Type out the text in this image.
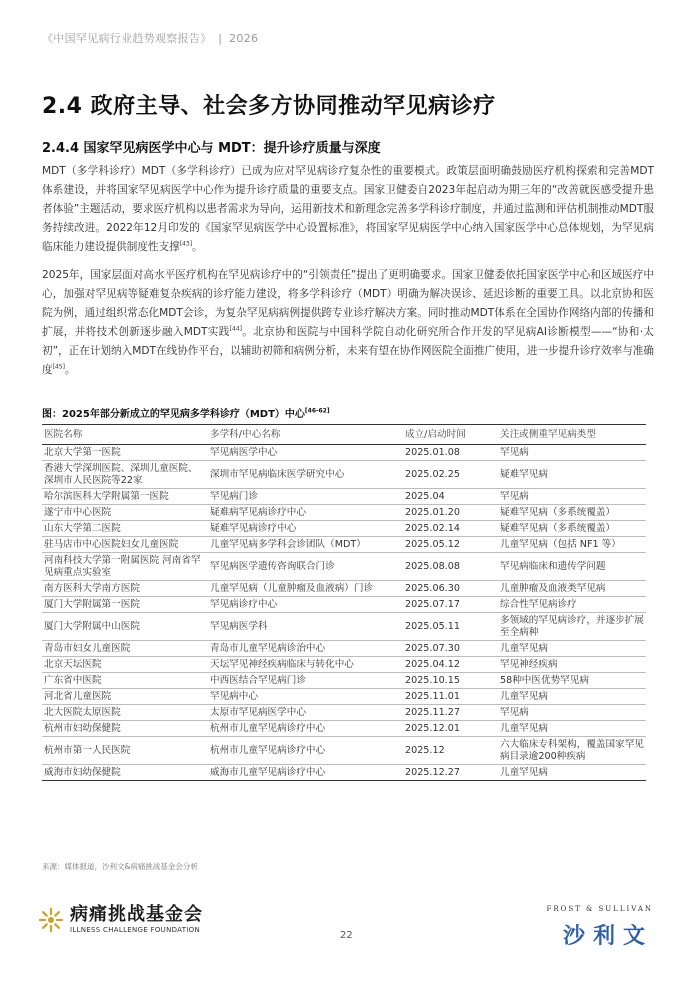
《中国罕见病行业趋势观察报告》 | 2026
2.4 政府主导、社会多方协同推动罕见病诊疗
2.4.4 国家罕见病医学中心与 MDT：提升诊疗质量与深度

MDT（多学科诊疗）MDT（多学科诊疗）已成为应对罕见病诊疗复杂性的重要模式。政策层面明确鼓励医疗机构探索和完善MDT 体系建设，并将国家罕见病医学中心作为提升诊疗质量的重要支点。国家卫健委自2023年起启动为期三年的“改善就医感受提升患者体验”主题活动，要求医疗机构以患者需求为导向，运用新技术和新理念完善多学科诊疗制度，并通过监测和评估机制推动MDT服务持续改进。2022年12月印发的《国家罕见病医学中心设置标准》，将国家罕见病医学中心纳入国家医学中心总体规划，为罕见病临床能力建设提供制度性支撑[43]。

2025年，国家层面对高水平医疗机构在罕见病诊疗中的“引领责任”提出了更明确要求。国家卫健委依托国家医学中心和区域医疗中心，加强对罕见病等疑难复杂疾病的诊疗能力建设，将多学科诊疗（MDT）明确为解决误诊、延迟诊断的重要工具。以北京协和医院为例，通过组织常态化MDT会诊，为复杂罕见病病例提供跨专业诊疗解决方案。同时推动MDT体系在全国协作网络内部的传播和扩展，并将技术创新逐步融入MDT实践[44]。北京协和医院与中国科学院自动化研究所合作开发的罕见病AI诊断模型——“协和·太初”，正在计划纳入MDT在线协作平台，以辅助初筛和病例分析，未来有望在协作网医院全面推广使用，进一步提升诊疗效率与准确度[45]。

图：2025年部分新成立的罕见病多学科诊疗（MDT）中心[46-62]
医院名称	多学科/中心名称	成立/启动时间	关注或侧重罕见病类型
北京大学第一医院	罕见病医学中心	2025.01.08	罕见病
香港大学深圳医院、深圳儿童医院、深圳市人民医院等22家	深圳市罕见病临床医学研究中心	2025.02.25	疑难罕见病
哈尔滨医科大学附属第一医院	罕见病门诊	2025.04	罕见病
遂宁市中心医院	疑难病罕见病诊疗中心	2025.01.20	疑难罕见病（多系统覆盖）
山东大学第二医院	疑难罕见病诊疗中心	2025.02.14	疑难罕见病（多系统覆盖）
驻马店市中心医院妇女儿童医院	儿童罕见病多学科会诊团队（MDT）	2025.05.12	儿童罕见病（包括 NF1 等）
河南科技大学第一附属医院 河南省罕见病重点实验室	罕见病医学遗传咨询联合门诊	2025.08.08	罕见病临床和遗传学问题
南方医科大学南方医院	儿童罕见病（儿童肿瘤及血液病）门诊	2025.06.30	儿童肿瘤及血液类罕见病
厦门大学附属第一医院	罕见病诊疗中心	2025.07.17	综合性罕见病诊疗
厦门大学附属中山医院	罕见病医学科	2025.05.11	多领域的罕见病诊疗，并逐步扩展至全病种
青岛市妇女儿童医院	青岛市儿童罕见病诊治中心	2025.07.30	儿童罕见病
北京天坛医院	天坛罕见神经疾病临床与转化中心	2025.04.12	罕见神经疾病
广东省中医院	中西医结合罕见病门诊	2025.10.15	58种中医优势罕见病
河北省儿童医院	罕见病中心	2025.11.01	儿童罕见病
北大医院太原医院	太原市罕见病医学中心	2025.11.27	罕见病
杭州市妇幼保健院	杭州市儿童罕见病诊疗中心	2025.12.01	儿童罕见病
杭州市第一人民医院	杭州市儿童罕见病诊疗中心	2025.12	六大临床专科架构，覆盖国家罕见病目录逾200种疾病
威海市妇幼保健院	威海市儿童罕见病诊疗中心	2025.12.27	儿童罕见病
来源：媒体报道，沙利文&病痛挑战基金会分析
病痛挑战基金会
ILLNESS CHALLENGE FOUNDATION	22
FROST & SULLIVAN
沙利文
